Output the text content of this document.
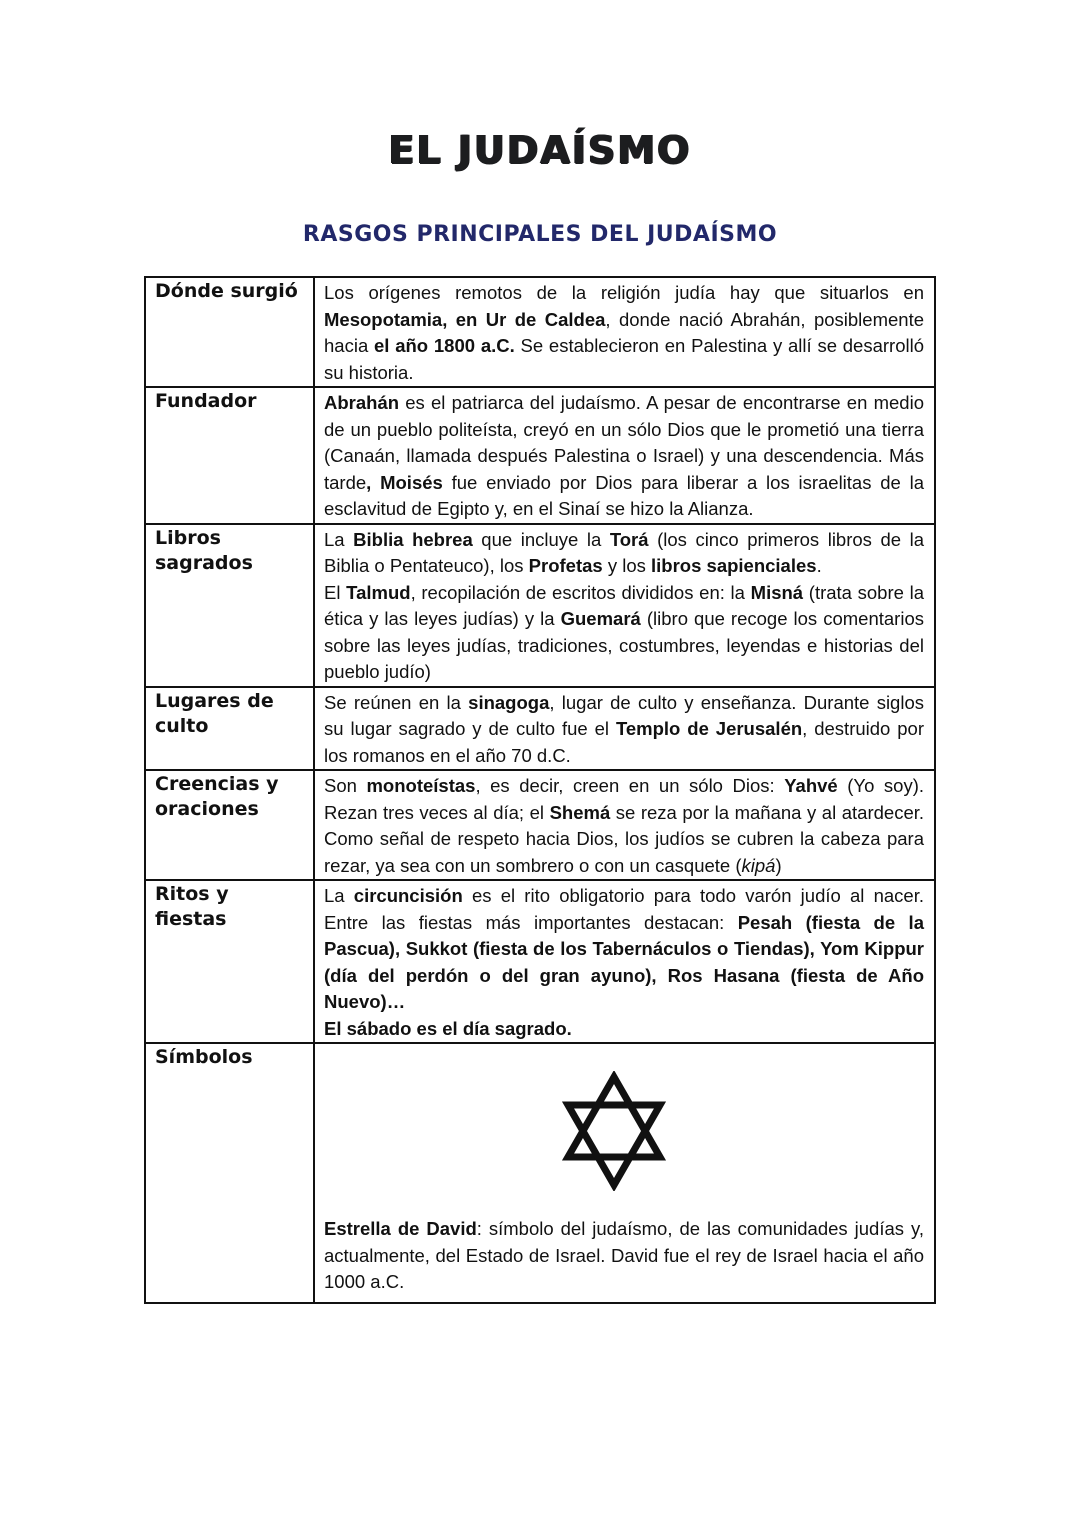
EL JUDAÍSMO
RASGOS PRINCIPALES DEL JUDAÍSMO
Dónde surgió	Los orígenes remotos de la religión judía hay que situarlos en Mesopotamia, en Ur de Caldea, donde nació Abrahán, posiblemente hacia el año 1800 a.C. Se establecieron en Palestina y allí se desarrolló su historia.

Fundador	Abrahán es el patriarca del judaísmo. A pesar de encontrarse en medio de un pueblo politeísta, creyó en un sólo Dios que le prometió una tierra (Canaán, llamada después Palestina o Israel) y una descendencia. Más tarde, Moisés fue enviado por Dios para liberar a los israelitas de la esclavitud de Egipto y, en el Sinaí se hizo la Alianza.

Libros sagrados	La Biblia hebrea que incluye la Torá (los cinco primeros libros de la Biblia o Pentateuco), los Profetas y los libros sapienciales.

El Talmud, recopilación de escritos divididos en: la Misná (trata sobre la ética y las leyes judías) y la Guemará (libro que recoge los comentarios sobre las leyes judías, tradiciones, costumbres, leyendas e historias del pueblo judío)

Lugares de culto	Se reúnen en la sinagoga, lugar de culto y enseñanza. Durante siglos su lugar sagrado y de culto fue el Templo de Jerusalén, destruido por los romanos en el año 70 d.C.

Creencias y oraciones	Son monoteístas, es decir, creen en un sólo Dios: Yahvé (Yo soy). Rezan tres veces al día; el Shemá se reza por la mañana y al atardecer. Como señal de respeto hacia Dios, los judíos se cubren la cabeza para rezar, ya sea con un sombrero o con un casquete (kipá)

Ritos y fiestas	La circuncisión es el rito obligatorio para todo varón judío al nacer. Entre las fiestas más importantes destacan: Pesah (fiesta de la Pascua), Sukkot (fiesta de los Tabernáculos o Tiendas), Yom Kippur (día del perdón o del gran ayuno), Ros Hasana (fiesta de Año Nuevo)…

El sábado es el día sagrado.

Símbolos	Estrella de David: símbolo del judaísmo, de las comunidades judías y, actualmente, del Estado de Israel. David fue el rey de Israel hacia el año 1000 a.C.
